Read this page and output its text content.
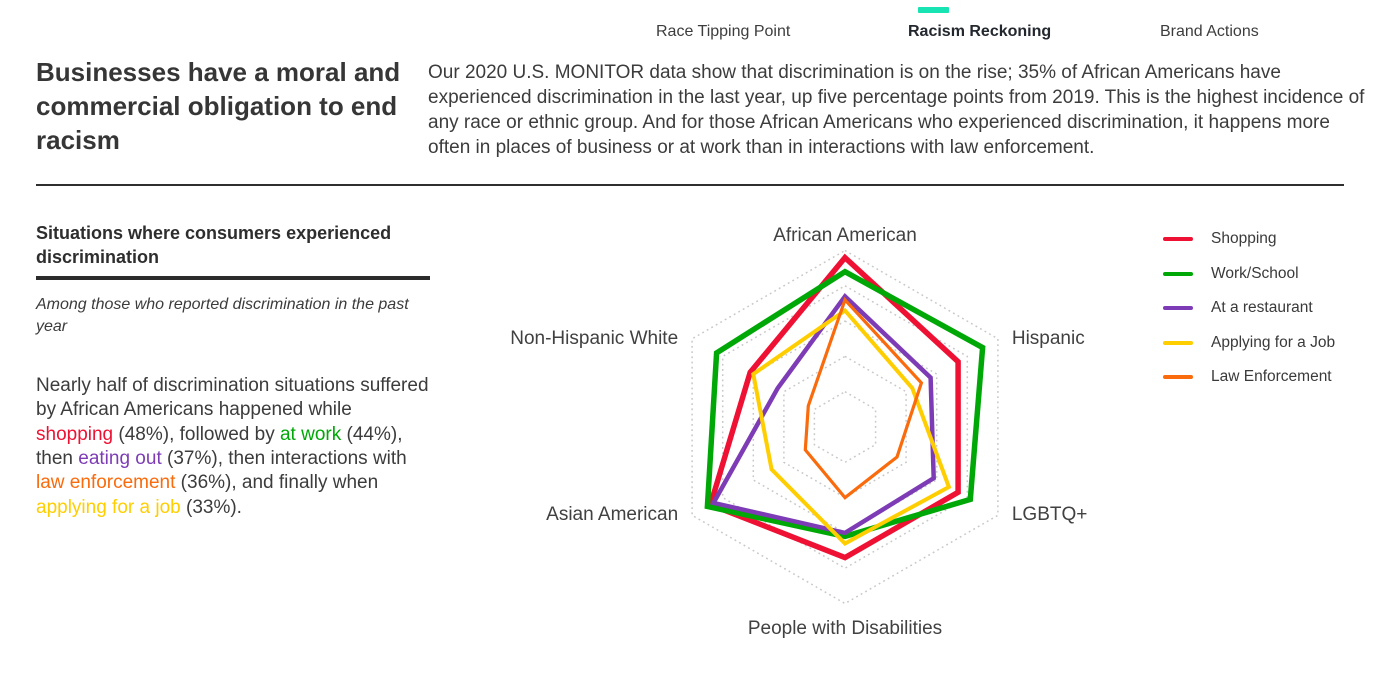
Race Tipping Point	Racism Reckoning	Brand Actions
Businesses have a moral and commercial obligation to end racism

Our 2020 U.S. MONITOR data show that discrimination is on the rise; 35% of African Americans have experienced discrimination in the last year, up five percentage points from 2019. This is the highest incidence of any race or ethnic group. And for those African Americans who experienced discrimination, it happens more often in places of business or at work than in interactions with law enforcement.

Situations where consumers experienced discrimination

Among those who reported discrimination in the past year

Nearly half of discrimination situations suffered by African Americans happened while shopping (48%), followed by at work (44%), then eating out (37%), then interactions with law enforcement (36%), and finally when applying for a job (33%).

African American
Hispanic
LGBTQ+
People with Disabilities
Asian American
Non-Hispanic White
Shopping
Work/School
At a restaurant
Applying for a Job
Law Enforcement
